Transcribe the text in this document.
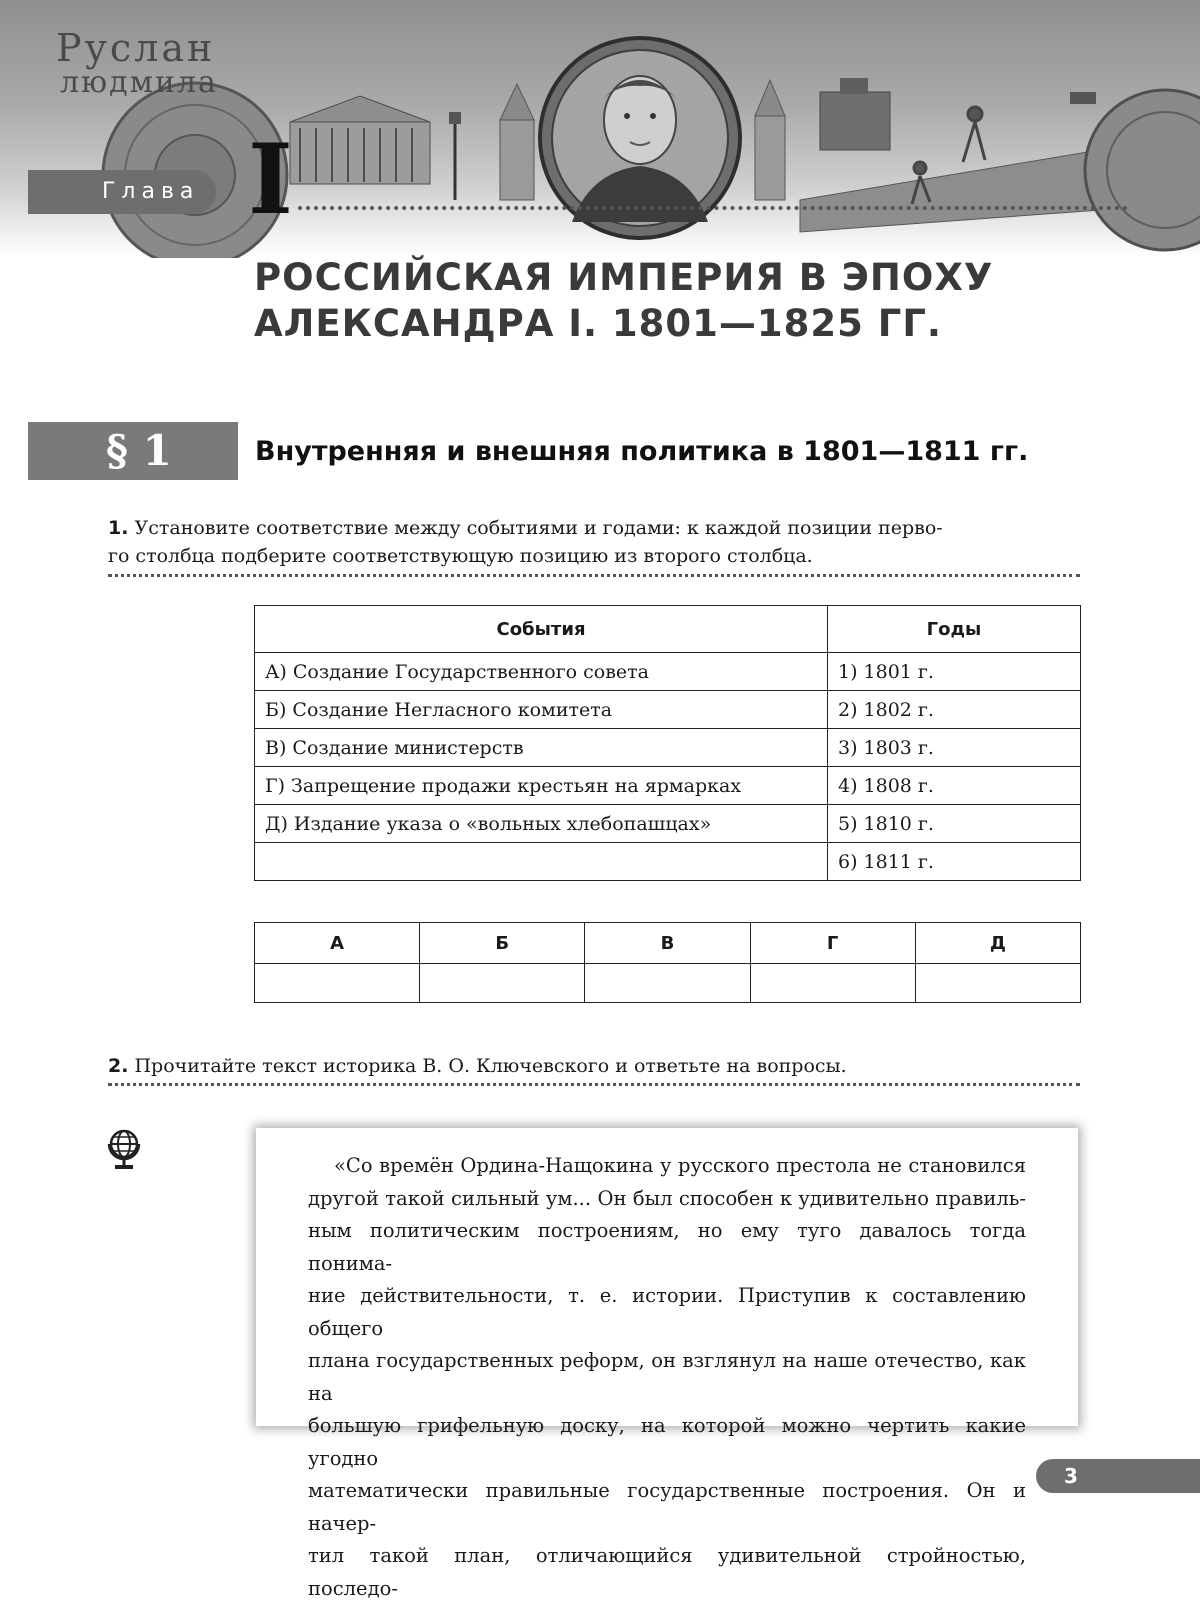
Руслан
людмила
Глава I
РОССИЙСКАЯ ИМПЕРИЯ В ЭПОХУ
АЛЕКСАНДРА I. 1801—1825 ГГ.
§ 1	Внутренняя и внешняя политика в 1801—1811 гг.
1. Установите соответствие между событиями и годами: к каждой позиции перво-
го столбца подберите соответствующую позицию из второго столбца.
События	Годы
А) Создание Государственного совета	1) 1801 г.
Б) Создание Негласного комитета	2) 1802 г.
В) Создание министерств	3) 1803 г.
Г) Запрещение продажи крестьян на ярмарках	4) 1808 г.
Д) Издание указа о «вольных хлебопашцах»	5) 1810 г.
	6) 1811 г.
А	Б	В	Г	Д

2. Прочитайте текст историка В. О. Ключевского и ответьте на вопросы.

«Со времён Ордина-Нащокина у русского престола не становился
другой такой сильный ум... Он был способен к удивительно правиль-
ным политическим построениям, но ему туго давалось тогда понима-
ние действительности, т. е. истории. Приступив к составлению общего
плана государственных реформ, он взглянул на наше отечество, как на
большую грифельную доску, на которой можно чертить какие угодно
математически правильные государственные построения. Он и начер-
тил такой план, отличающийся удивительной стройностью, последо-

3
